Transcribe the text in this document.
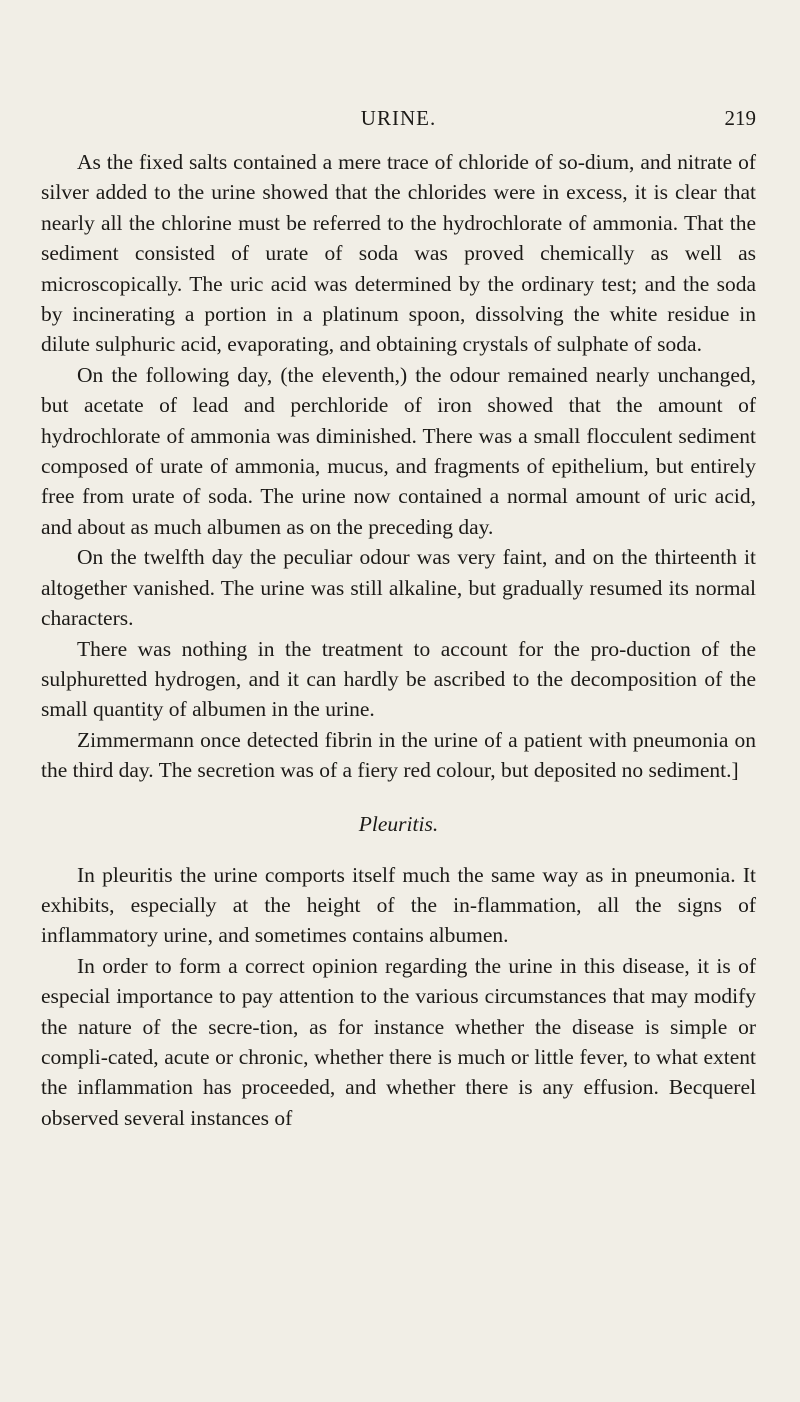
URINE.	219

As the fixed salts contained a mere trace of chloride of so-dium, and nitrate of silver added to the urine showed that the chlorides were in excess, it is clear that nearly all the chlorine must be referred to the hydrochlorate of ammonia. That the sediment consisted of urate of soda was proved chemically as well as microscopically. The uric acid was determined by the ordinary test; and the soda by incinerating a portion in a platinum spoon, dissolving the white residue in dilute sulphuric acid, evaporating, and obtaining crystals of sulphate of soda.

On the following day, (the eleventh,) the odour remained nearly unchanged, but acetate of lead and perchloride of iron showed that the amount of hydrochlorate of ammonia was diminished. There was a small flocculent sediment composed of urate of ammonia, mucus, and fragments of epithelium, but entirely free from urate of soda. The urine now contained a normal amount of uric acid, and about as much albumen as on the preceding day.

On the twelfth day the peculiar odour was very faint, and on the thirteenth it altogether vanished. The urine was still alkaline, but gradually resumed its normal characters.

There was nothing in the treatment to account for the pro-duction of the sulphuretted hydrogen, and it can hardly be ascribed to the decomposition of the small quantity of albumen in the urine.

Zimmermann once detected fibrin in the urine of a patient with pneumonia on the third day. The secretion was of a fiery red colour, but deposited no sediment.]

Pleuritis.

In pleuritis the urine comports itself much the same way as in pneumonia. It exhibits, especially at the height of the in-flammation, all the signs of inflammatory urine, and sometimes contains albumen.

In order to form a correct opinion regarding the urine in this disease, it is of especial importance to pay attention to the various circumstances that may modify the nature of the secre-tion, as for instance whether the disease is simple or compli-cated, acute or chronic, whether there is much or little fever, to what extent the inflammation has proceeded, and whether there is any effusion. Becquerel observed several instances of
